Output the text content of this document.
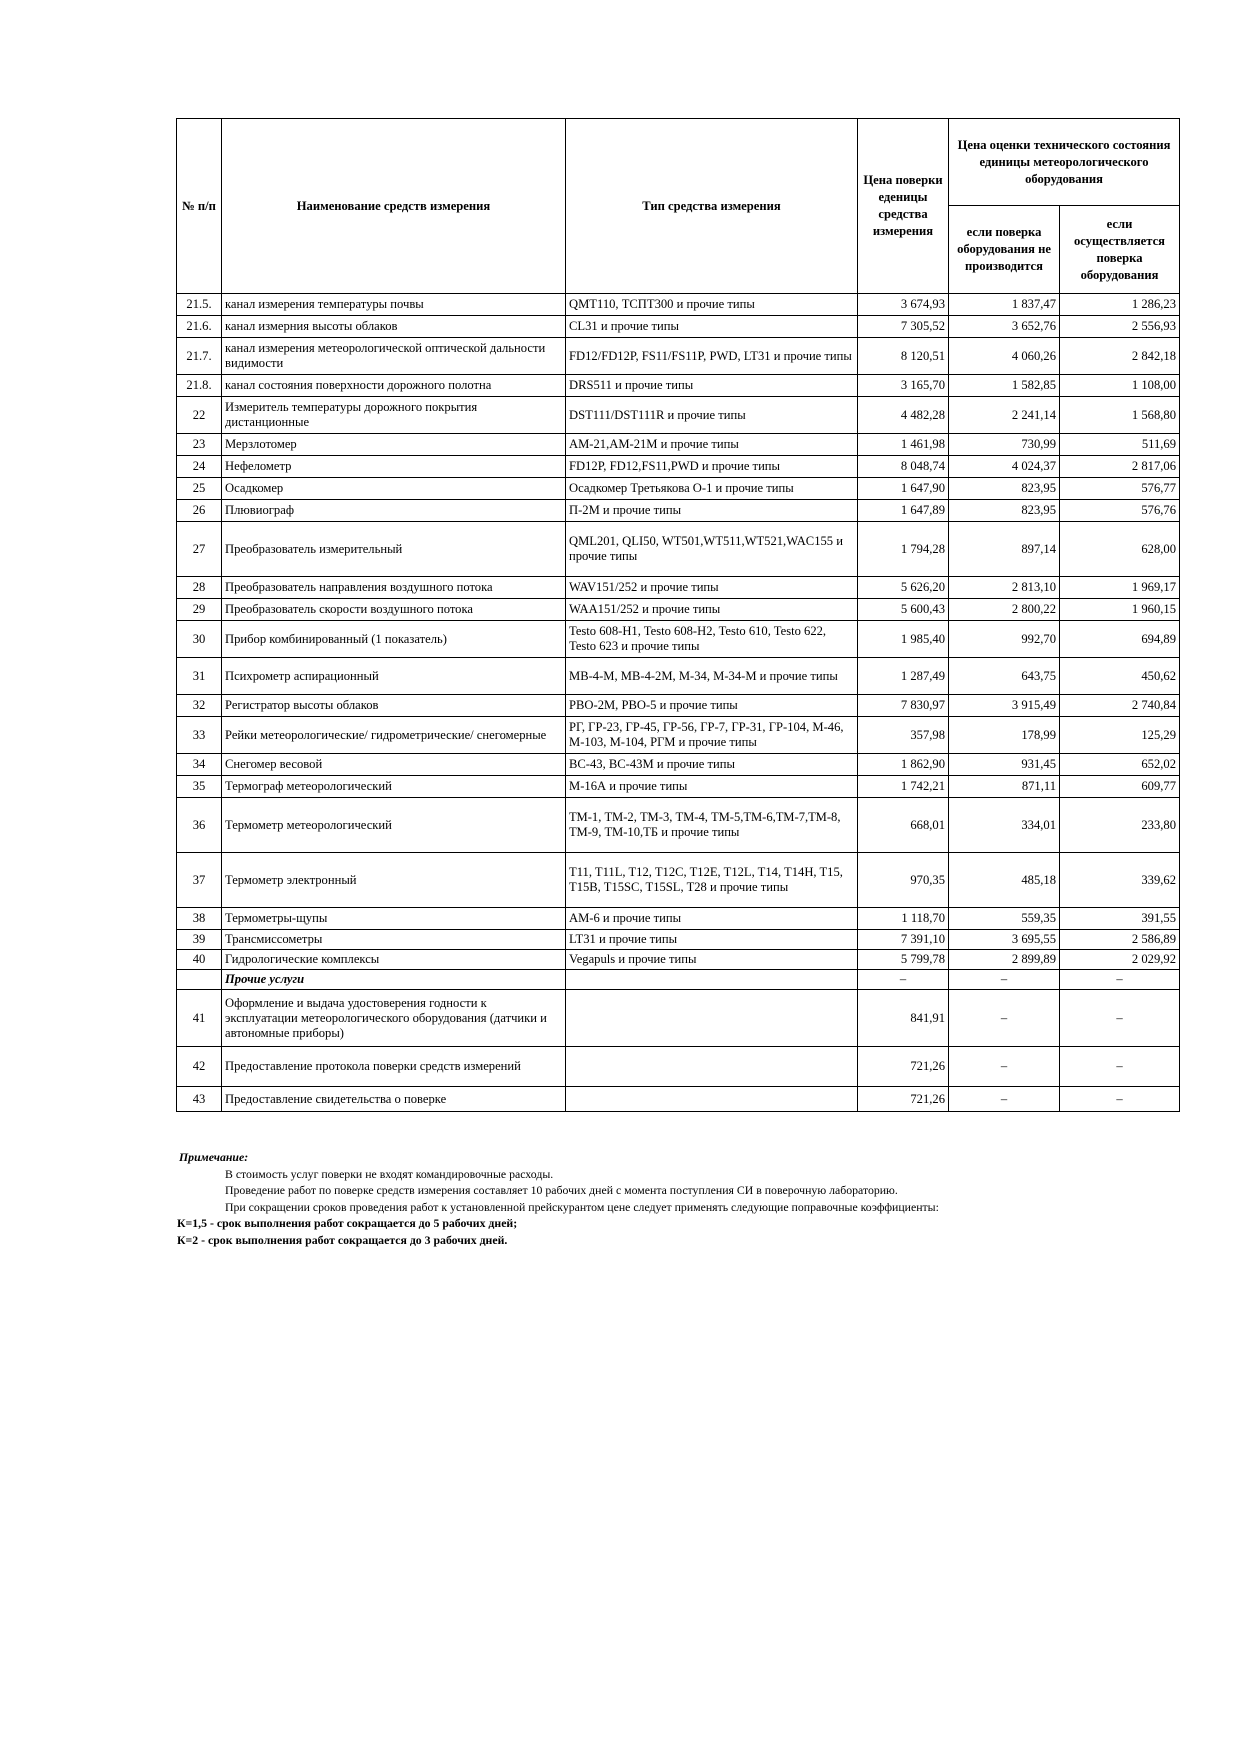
№ п/п	Наименование средств измерения	Тип средства измерения	Цена поверки еденицы средства измерения	Цена оценки технического состояния единицы метеорологического оборудования	
				если поверка оборудования не производится	если осуществляется поверка оборудования
21.5.	канал измерения температуры почвы	QMT110, ТСПТ300 и прочие типы	3 674,93	1 837,47	1 286,23
21.6.	канал измерния высоты облаков	CL31 и прочие типы	7 305,52	3 652,76	2 556,93
21.7.	канал измерения метеорологической оптической дальности видимости	FD12/FD12P, FS11/FS11P, PWD, LT31 и прочие типы	8 120,51	4 060,26	2 842,18
21.8.	канал состояния поверхности дорожного полотна	DRS511 и прочие типы	3 165,70	1 582,85	1 108,00
22	Измеритель температуры дорожного покрытия дистанционные	DST111/DST111R и прочие типы	4 482,28	2 241,14	1 568,80
23	Мерзлотомер	АМ-21,АМ-21М и прочие типы	1 461,98	730,99	511,69
24	Нефелометр	FD12P, FD12,FS11,PWD и прочие типы	8 048,74	4 024,37	2 817,06
25	Осадкомер	Осадкомер Третьякова О-1 и прочие типы	1 647,90	823,95	576,77
26	Плювиограф	П-2М и прочие типы	1 647,89	823,95	576,76
27	Преобразователь измерительный	QML201, QLI50, WT501,WT511,WT521,WAC155 и прочие типы	1 794,28	897,14	628,00
28	Преобразователь направления воздушного потока	WAV151/252 и прочие типы	5 626,20	2 813,10	1 969,17
29	Преобразователь скорости воздушного потока	WAA151/252 и прочие типы	5 600,43	2 800,22	1 960,15
30	Прибор комбинированный (1 показатель)	Testo 608-H1, Testo 608-H2, Testo 610, Testo 622, Testo 623 и прочие типы	1 985,40	992,70	694,89
31	Психрометр аспирационный	МВ-4-М, МВ-4-2М, М-34, М-34-М и прочие типы	1 287,49	643,75	450,62
32	Регистратор высоты облаков	РВО-2М, РВО-5 и прочие типы	7 830,97	3 915,49	2 740,84
33	Рейки метеорологические/ гидрометрические/ снегомерные	РГ, ГР-23, ГР-45, ГР-56, ГР-7, ГР-31, ГР-104, М-46, М-103, М-104, РГМ и прочие типы	357,98	178,99	125,29
34	Снегомер весовой	ВС-43, ВС-43М и прочие типы	1 862,90	931,45	652,02
35	Термограф метеорологический	М-16А и прочие типы	1 742,21	871,11	609,77
36	Термометр метеорологический	ТМ-1, ТМ-2, ТМ-3, ТМ-4, ТМ-5,ТМ-6,ТМ-7,ТМ-8, ТМ-9, ТМ-10,ТБ и прочие типы	668,01	334,01	233,80
37	Термометр электронный	T11, T11L, T12, T12C, T12E, T12L, T14, T14H, T15, T15B, T15SC, T15SL, T28 и прочие типы	970,35	485,18	339,62
38	Термометры-щупы	АМ-6 и прочие типы	1 118,70	559,35	391,55
39	Трансмиссометры	LT31 и прочие типы	7 391,10	3 695,55	2 586,89
40	Гидрологические комплексы	Vegapuls и прочие типы	5 799,78	2 899,89	2 029,92
	Прочие услуги		–	–	–
41	Оформление и выдача удостоверения годности к эксплуатации метеорологического оборудования (датчики и автономные приборы)		841,91	–	–
42	Предоставление протокола поверки средств измерений		721,26	–	–
43	Предоставление свидетельства о поверке		721,26	–	–
Примечание:
В стоимость услуг поверки не входят командировочные расходы.
Проведение работ по поверке средств измерения составляет 10 рабочих дней с момента поступления СИ в поверочную лабораторию.
При сокращении сроков проведения работ к установленной прейскурантом цене следует применять следующие поправочные коэффициенты:
К=1,5 - срок выполнения работ сокращается до 5 рабочих дней;
К=2 - срок выполнения работ сокращается до 3 рабочих дней.
